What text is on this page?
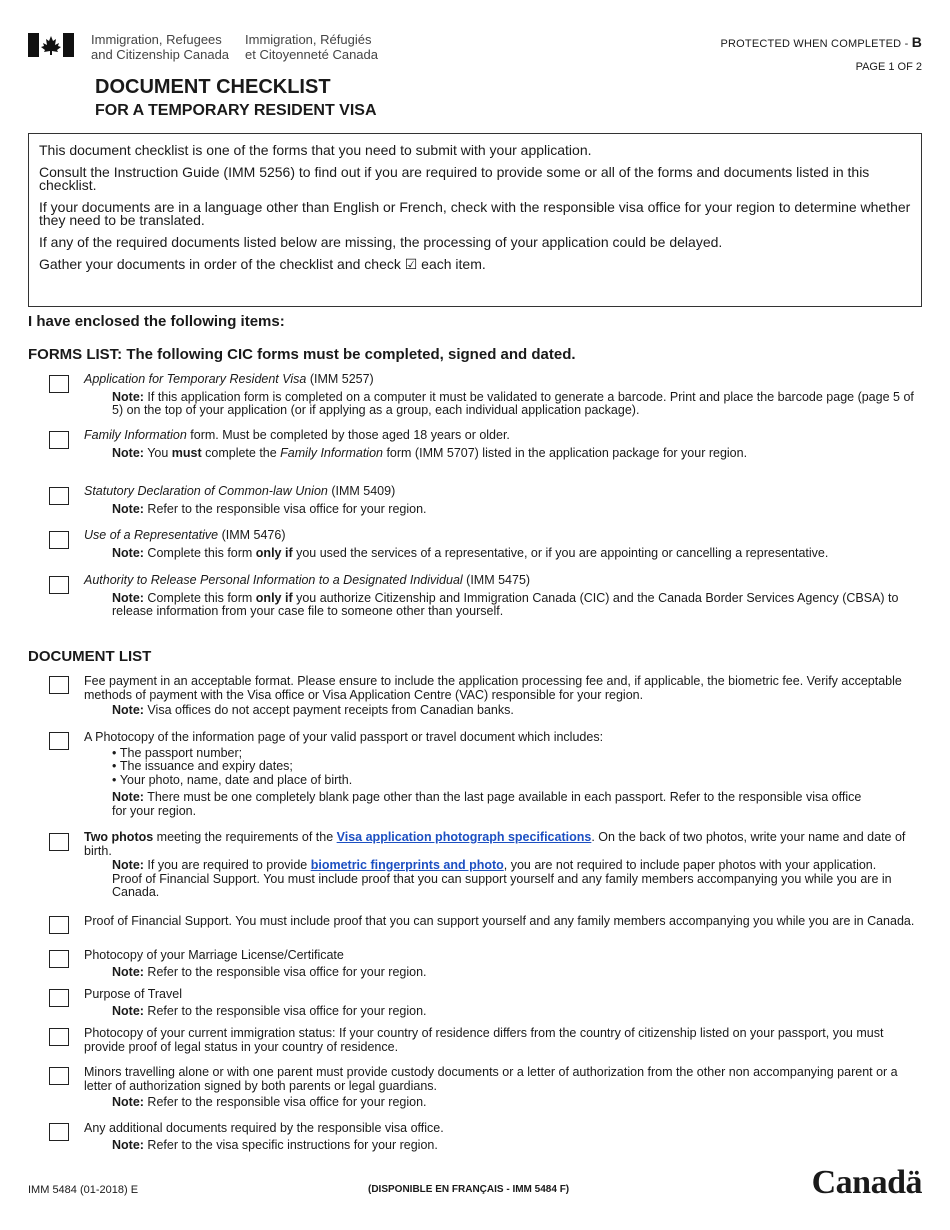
Immigration, Refugees
and Citizenship Canada
Immigration, Réfugiés
et Citoyenneté Canada
PROTECTED WHEN COMPLETED - B
PAGE 1 OF 2
DOCUMENT CHECKLIST
FOR A TEMPORARY RESIDENT VISA

This document checklist is one of the forms that you need to submit with your application.

Consult the Instruction Guide (IMM 5256) to find out if you are required to provide some or all of the forms and documents listed in this checklist.

If your documents are in a language other than English or French, check with the responsible visa office for your region to determine whether they need to be translated.

If any of the required documents listed below are missing, the processing of your application could be delayed.

Gather your documents in order of the checklist and check ☑ each item.

I have enclosed the following items:
FORMS LIST: The following CIC forms must be completed, signed and dated.
Application for Temporary Resident Visa (IMM 5257)
Note: If this application form is completed on a computer it must be validated to generate a barcode. Print and place the barcode page (page 5 of 5) on the top of your application (or if applying as a group, each individual application package).
Family Information form. Must be completed by those aged 18 years or older.
Note: You must complete the Family Information form (IMM 5707) listed in the application package for your region.
Statutory Declaration of Common-law Union (IMM 5409)
Note: Refer to the responsible visa office for your region.
Use of a Representative (IMM 5476)
Note: Complete this form only if you used the services of a representative, or if you are appointing or cancelling a representative.
Authority to Release Personal Information to a Designated Individual (IMM 5475)
Note: Complete this form only if you authorize Citizenship and Immigration Canada (CIC) and the Canada Border Services Agency (CBSA) to release information from your case file to someone other than yourself.
DOCUMENT LIST
Fee payment in an acceptable format. Please ensure to include the application processing fee and, if applicable, the biometric fee. Verify acceptable methods of payment with the Visa office or Visa Application Centre (VAC) responsible for your region.
Note: Visa offices do not accept payment receipts from Canadian banks.
A Photocopy of the information page of your valid passport or travel document which includes:
• The passport number;
• The issuance and expiry dates;
• Your photo, name, date and place of birth.
Note: There must be one completely blank page other than the last page available in each passport. Refer to the responsible visa office
for your region.
Two photos meeting the requirements of the Visa application photograph specifications. On the back of two photos, write your name and date of birth.
Note: If you are required to provide biometric fingerprints and photo, you are not required to include paper photos with your application.
Proof of Financial Support. You must include proof that you can support yourself and any family members accompanying you while you are in Canada.
Proof of Financial Support. You must include proof that you can support yourself and any family members accompanying you while you are in Canada.
Photocopy of your Marriage License/Certificate
Note: Refer to the responsible visa office for your region.
Purpose of Travel
Note: Refer to the responsible visa office for your region.
Photocopy of your current immigration status: If your country of residence differs from the country of citizenship listed on your passport, you must provide proof of legal status in your country of residence.
Minors travelling alone or with one parent must provide custody documents or a letter of authorization from the other non accompanying parent or a letter of authorization signed by both parents or legal guardians.
Note: Refer to the responsible visa office for your region.
Any additional documents required by the responsible visa office.
Note: Refer to the visa specific instructions for your region.
IMM 5484 (01-2018) E	(DISPONIBLE EN FRANÇAIS - IMM 5484 F)	Canadä
